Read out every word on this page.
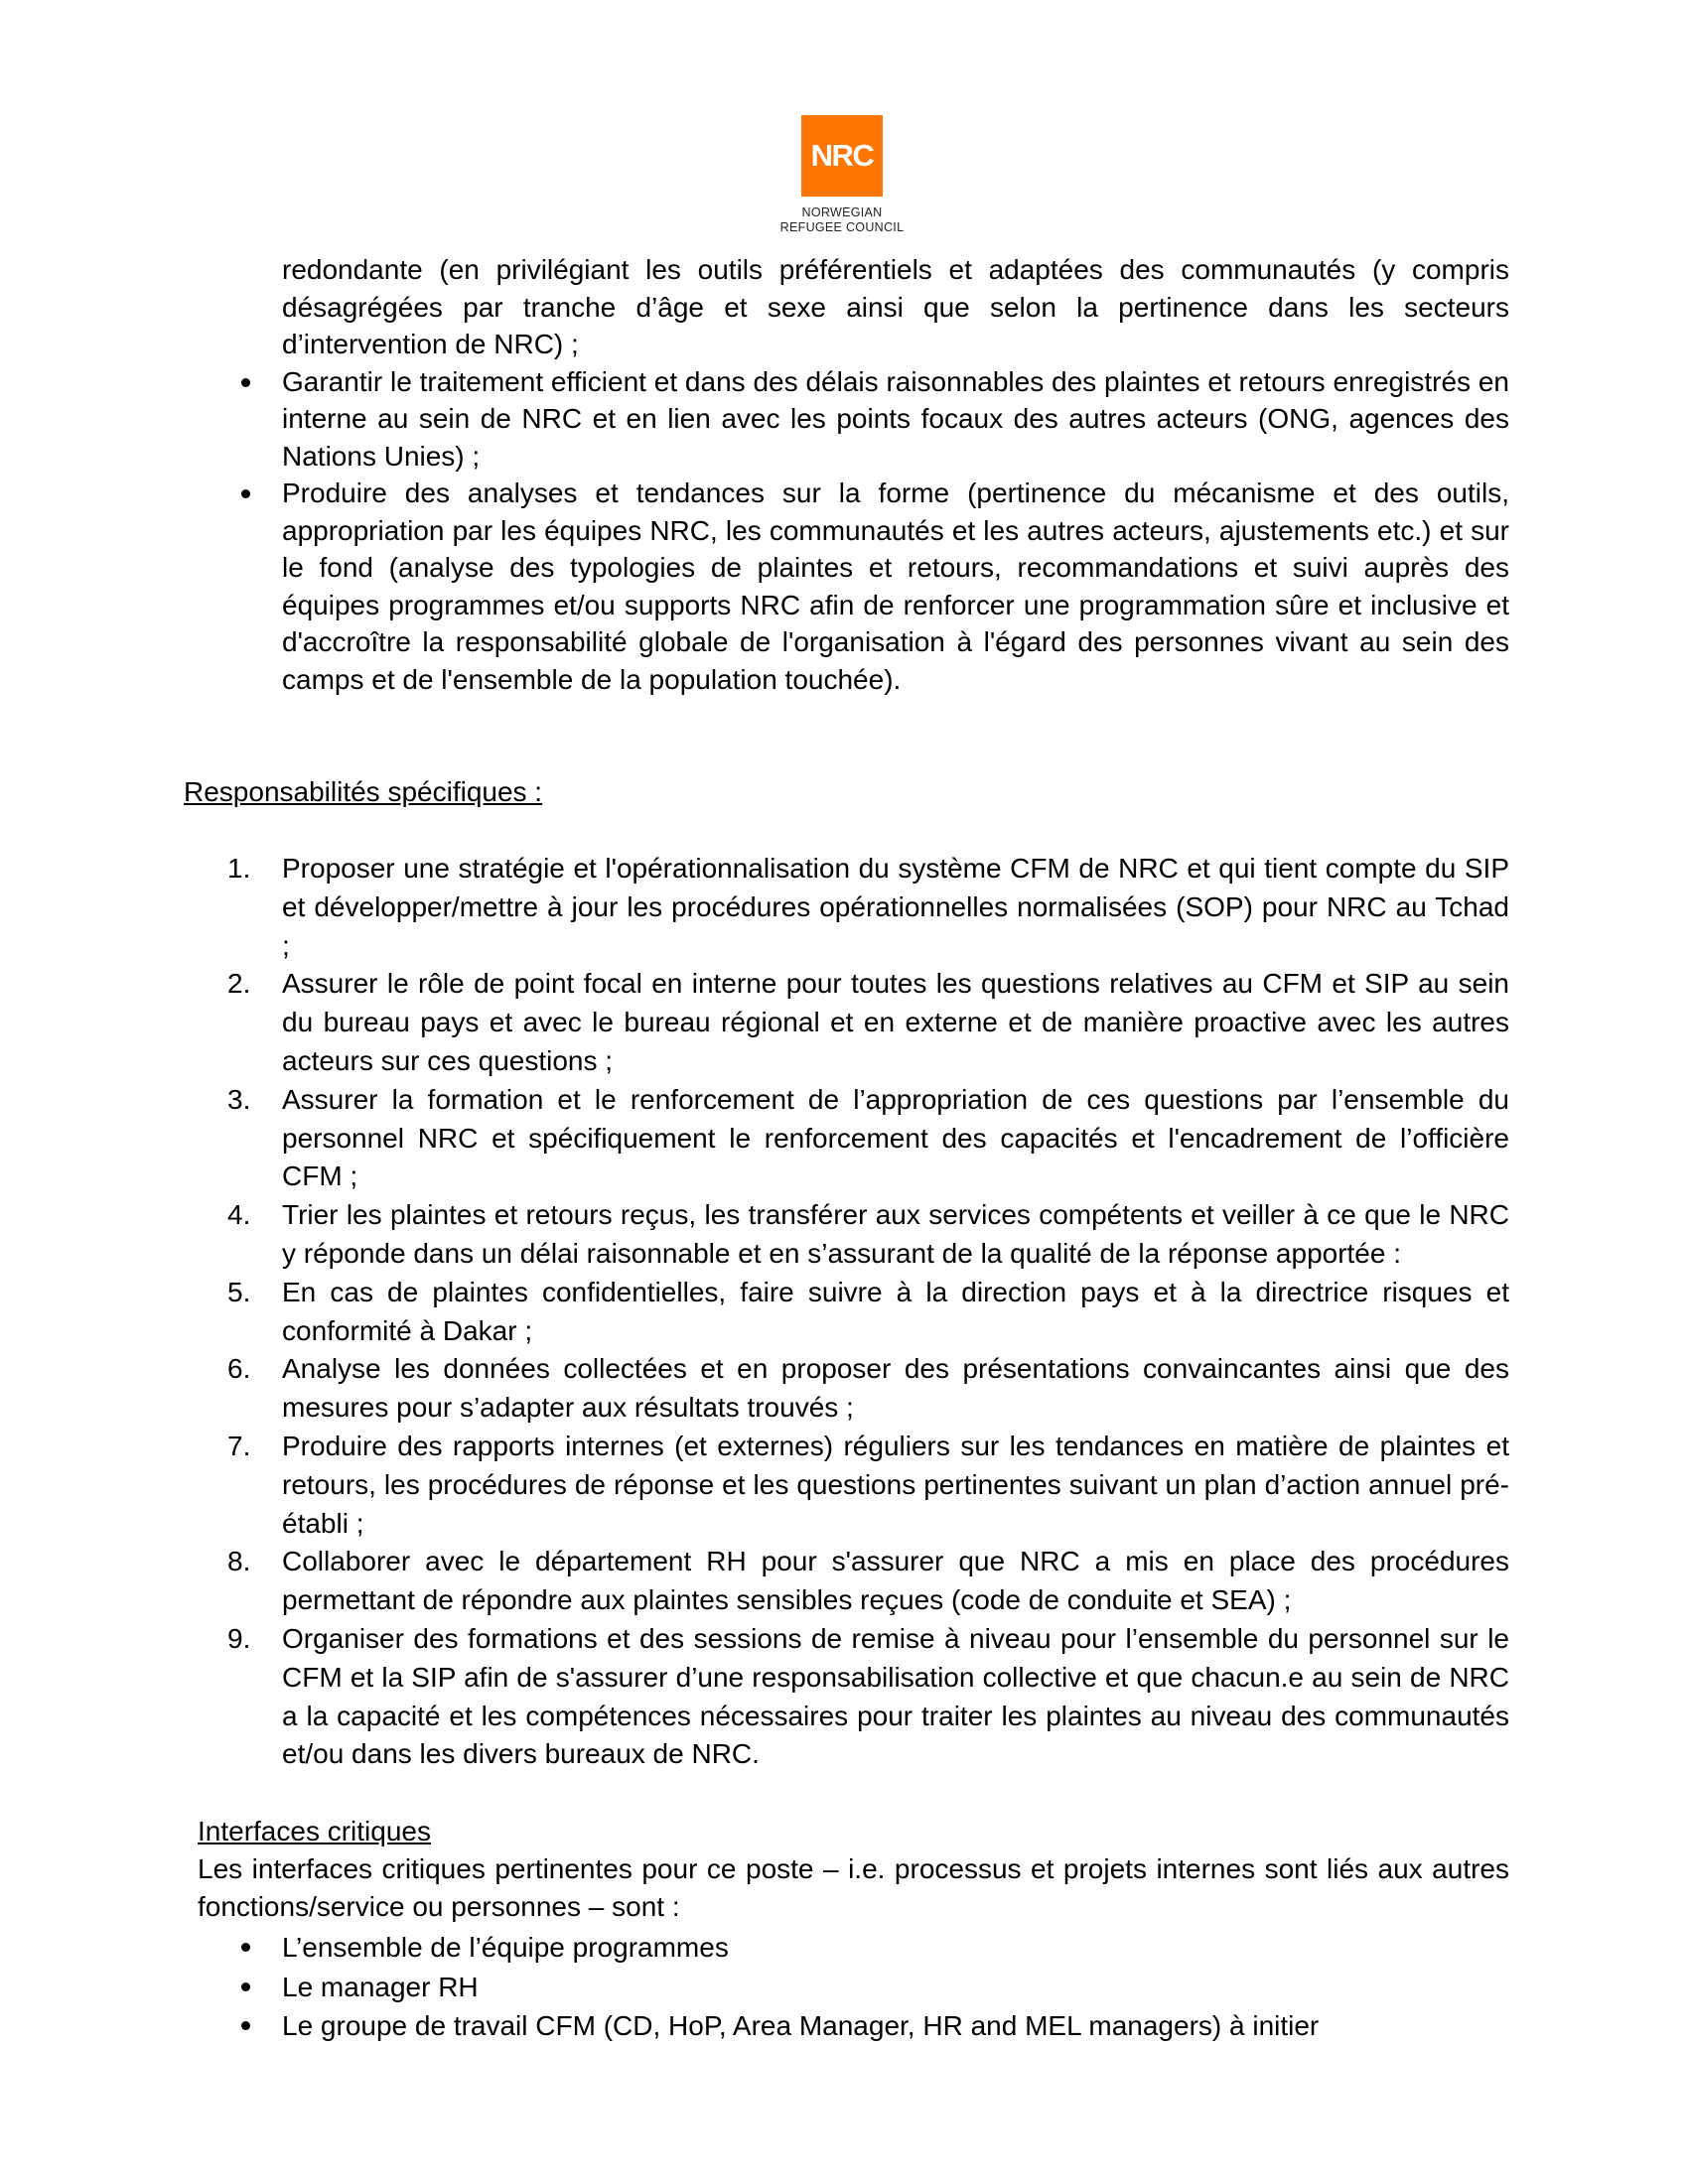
NRC
NORWEGIAN
REFUGEE COUNCIL
redondante (en privilégiant les outils préférentiels et adaptées des communautés (y compris désagrégées par tranche d’âge et sexe ainsi que selon la pertinence dans les secteurs d’intervention de NRC) ;
Garantir le traitement efficient et dans des délais raisonnables des plaintes et retours enregistrés en interne au sein de NRC et en lien avec les points focaux des autres acteurs (ONG, agences des Nations Unies) ;
Produire des analyses et tendances sur la forme (pertinence du mécanisme et des outils, appropriation par les équipes NRC, les communautés et les autres acteurs, ajustements etc.) et sur le fond (analyse des typologies de plaintes et retours, recommandations et suivi auprès des équipes programmes et/ou supports NRC afin de renforcer une programmation sûre et inclusive et d'accroître la responsabilité globale de l'organisation à l'égard des personnes vivant au sein des camps et de l'ensemble de la population touchée).
Responsabilités spécifiques :
1.	Proposer une stratégie et l'opérationnalisation du système CFM de NRC et qui tient compte du SIP et développer/mettre à jour les procédures opérationnelles normalisées (SOP) pour NRC au Tchad ;
2.	Assurer le rôle de point focal en interne pour toutes les questions relatives au CFM et SIP au sein du bureau pays et avec le bureau régional et en externe et de manière proactive avec les autres acteurs sur ces questions ;
3.	Assurer la formation et le renforcement de l’appropriation de ces questions par l’ensemble du personnel NRC et spécifiquement le renforcement des capacités et l'encadrement de l’officière CFM ;
4.	Trier les plaintes et retours reçus, les transférer aux services compétents et veiller à ce que le NRC y réponde dans un délai raisonnable et en s’assurant de la qualité de la réponse apportée :
5.	En cas de plaintes confidentielles, faire suivre à la direction pays et à la directrice risques et conformité à Dakar ;
6.	Analyse les données collectées et en proposer des présentations convaincantes ainsi que des mesures pour s’adapter aux résultats trouvés ;
7.	Produire des rapports internes (et externes) réguliers sur les tendances en matière de plaintes et retours, les procédures de réponse et les questions pertinentes suivant un plan d’action annuel pré-établi ;
8.	Collaborer avec le département RH pour s'assurer que NRC a mis en place des procédures permettant de répondre aux plaintes sensibles reçues (code de conduite et SEA) ;
9.	Organiser des formations et des sessions de remise à niveau pour l’ensemble du personnel sur le CFM et la SIP afin de s'assurer d’une responsabilisation collective et que chacun.e au sein de NRC a la capacité et les compétences nécessaires pour traiter les plaintes au niveau des communautés et/ou dans les divers bureaux de NRC.
Interfaces critiques
Les interfaces critiques pertinentes pour ce poste – i.e. processus et projets internes sont liés aux autres fonctions/service ou personnes – sont :
L’ensemble de l’équipe programmes
Le manager RH
Le groupe de travail CFM (CD, HoP, Area Manager, HR and MEL managers) à initier
